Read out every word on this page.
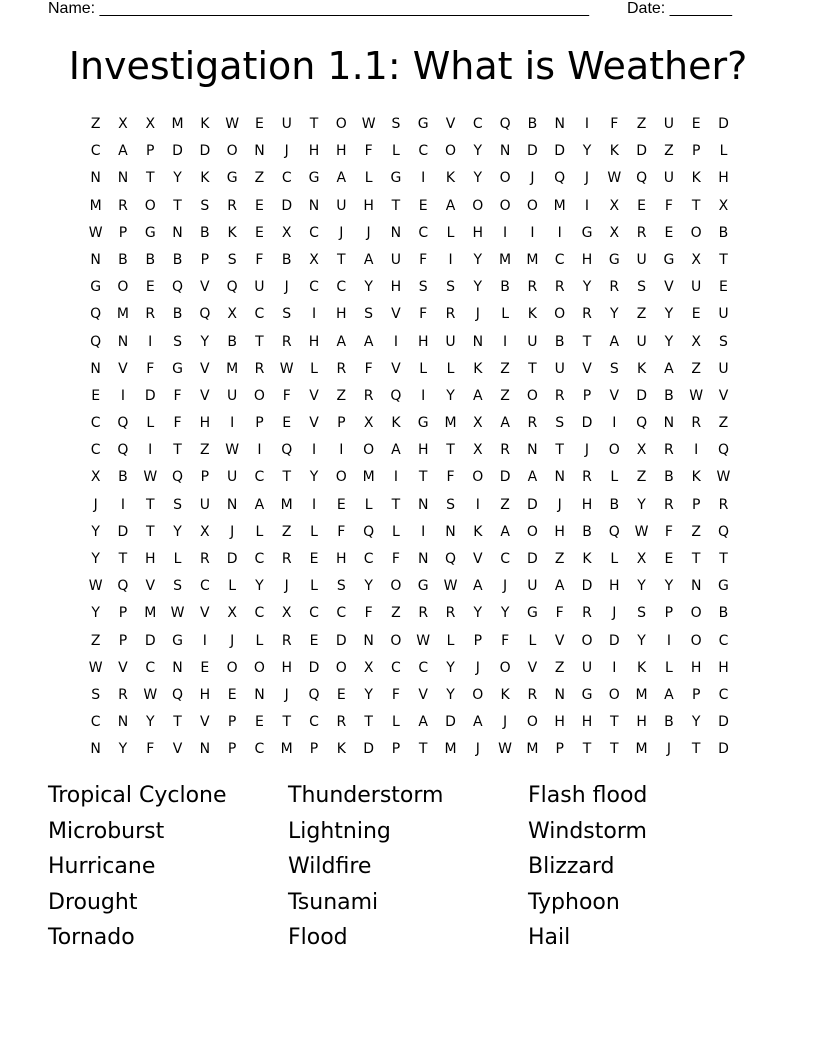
Name: _______________________________________________________ Date: _______
Investigation 1.1: What is Weather?
Z	X	X	M	K	W	E	U	T	O	W	S	G	V	C	Q	B	N	I	F	Z	U	E	D
C	A	P	D	D	O	N	J	H	H	F	L	C	O	Y	N	D	D	Y	K	D	Z	P	L
N	N	T	Y	K	G	Z	C	G	A	L	G	I	K	Y	O	J	Q	J	W	Q	U	K	H
M	R	O	T	S	R	E	D	N	U	H	T	E	A	O	O	O	M	I	X	E	F	T	X
W	P	G	N	B	K	E	X	C	J	J	N	C	L	H	I	I	I	G	X	R	E	O	B
N	B	B	B	P	S	F	B	X	T	A	U	F	I	Y	M	M	C	H	G	U	G	X	T
G	O	E	Q	V	Q	U	J	C	C	Y	H	S	S	Y	B	R	R	Y	R	S	V	U	E
Q	M	R	B	Q	X	C	S	I	H	S	V	F	R	J	L	K	O	R	Y	Z	Y	E	U
Q	N	I	S	Y	B	T	R	H	A	A	I	H	U	N	I	U	B	T	A	U	Y	X	S
N	V	F	G	V	M	R	W	L	R	F	V	L	L	K	Z	T	U	V	S	K	A	Z	U
E	I	D	F	V	U	O	F	V	Z	R	Q	I	Y	A	Z	O	R	P	V	D	B	W	V
C	Q	L	F	H	I	P	E	V	P	X	K	G	M	X	A	R	S	D	I	Q	N	R	Z
C	Q	I	T	Z	W	I	Q	I	I	O	A	H	T	X	R	N	T	J	O	X	R	I	Q
X	B	W	Q	P	U	C	T	Y	O	M	I	T	F	O	D	A	N	R	L	Z	B	K	W
J	I	T	S	U	N	A	M	I	E	L	T	N	S	I	Z	D	J	H	B	Y	R	P	R
Y	D	T	Y	X	J	L	Z	L	F	Q	L	I	N	K	A	O	H	B	Q	W	F	Z	Q
Y	T	H	L	R	D	C	R	E	H	C	F	N	Q	V	C	D	Z	K	L	X	E	T	T
W	Q	V	S	C	L	Y	J	L	S	Y	O	G	W	A	J	U	A	D	H	Y	Y	N	G
Y	P	M	W	V	X	C	X	C	C	F	Z	R	R	Y	Y	G	F	R	J	S	P	O	B
Z	P	D	G	I	J	L	R	E	D	N	O	W	L	P	F	L	V	O	D	Y	I	O	C
W	V	C	N	E	O	O	H	D	O	X	C	C	Y	J	O	V	Z	U	I	K	L	H	H
S	R	W	Q	H	E	N	J	Q	E	Y	F	V	Y	O	K	R	N	G	O	M	A	P	C
C	N	Y	T	V	P	E	T	C	R	T	L	A	D	A	J	O	H	H	T	H	B	Y	D
N	Y	F	V	N	P	C	M	P	K	D	P	T	M	J	W	M	P	T	T	M	J	T	D
Tropical Cyclone	Thunderstorm	Flash flood
Microburst	Lightning	Windstorm
Hurricane	Wildfire	Blizzard
Drought	Tsunami	Typhoon
Tornado	Flood	Hail
